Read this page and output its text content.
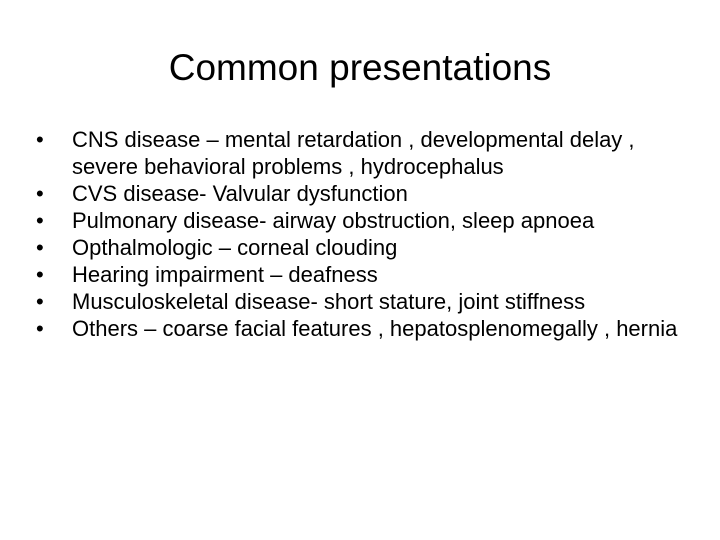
Common presentations
•	CNS disease – mental retardation , developmental delay , severe behavioral problems , hydrocephalus
•	CVS disease- Valvular dysfunction
•	Pulmonary disease- airway obstruction, sleep apnoea
•	Opthalmologic – corneal clouding
•	Hearing impairment – deafness
•	Musculoskeletal disease- short stature, joint stiffness
•	Others – coarse facial features , hepatosplenomegally , hernia
